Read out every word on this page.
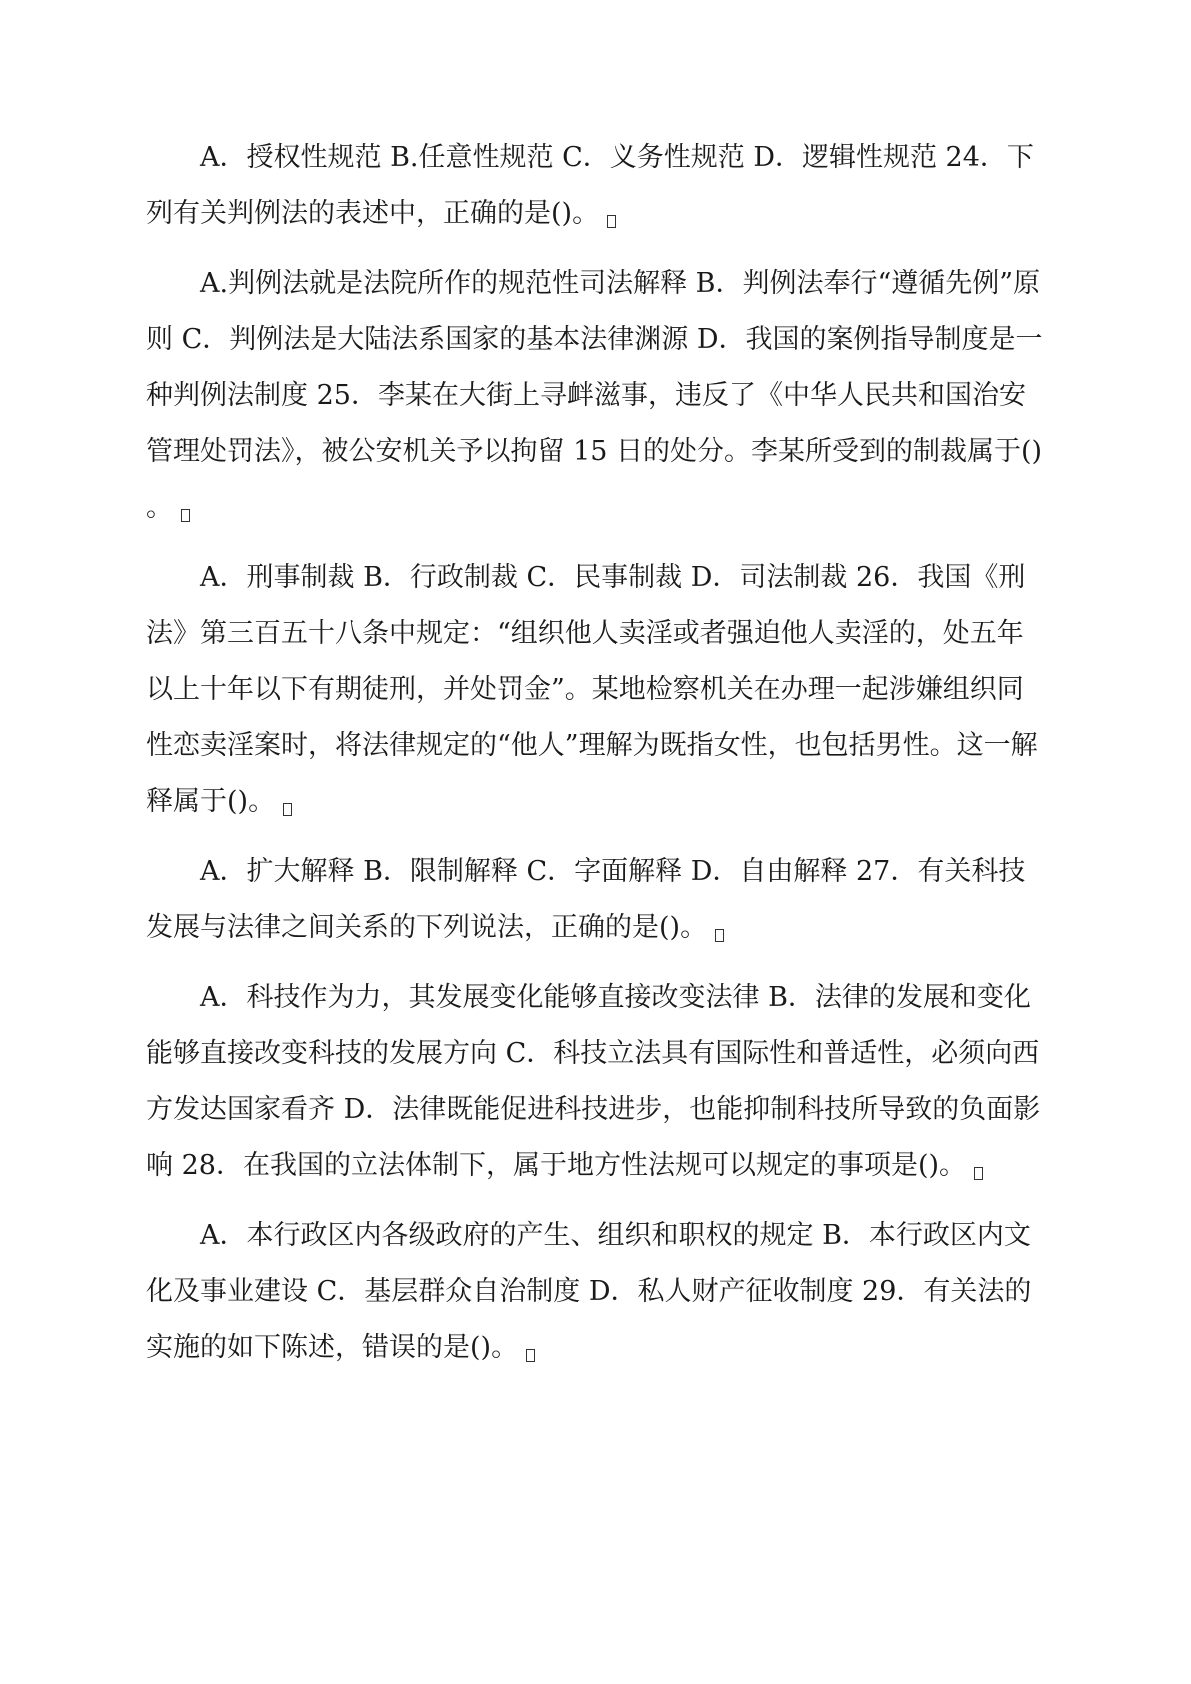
A．授权性规范 B.任意性规范 C．义务性规范 D．逻辑性规范 24．下列有关判例法的表述中，正确的是()。

A.判例法就是法院所作的规范性司法解释 B．判例法奉行“遵循先例”原则 C．判例法是大陆法系国家的基本法律渊源 D．我国的案例指导制度是一种判例法制度 25．李某在大街上寻衅滋事，违反了《中华人民共和国治安管理处罚法》，被公安机关予以拘留 15 日的处分。李某所受到的制裁属于()。

A．刑事制裁 B．行政制裁 C．民事制裁 D．司法制裁 26．我国《刑法》第三百五十八条中规定：“组织他人卖淫或者强迫他人卖淫的，处五年以上十年以下有期徒刑，并处罚金”。某地检察机关在办理一起涉嫌组织同性恋卖淫案时，将法律规定的“他人”理解为既指女性，也包括男性。这一解释属于()。

A．扩大解释 B．限制解释 C．字面解释 D．自由解释 27．有关科技发展与法律之间关系的下列说法，正确的是()。

A．科技作为力，其发展变化能够直接改变法律 B．法律的发展和变化能够直接改变科技的发展方向 C．科技立法具有国际性和普适性，必须向西方发达国家看齐 D．法律既能促进科技进步，也能抑制科技所导致的负面影响 28．在我国的立法体制下，属于地方性法规可以规定的事项是()。

A．本行政区内各级政府的产生、组织和职权的规定 B．本行政区内文化及事业建设 C．基层群众自治制度 D．私人财产征收制度 29．有关法的实施的如下陈述，错误的是()。
